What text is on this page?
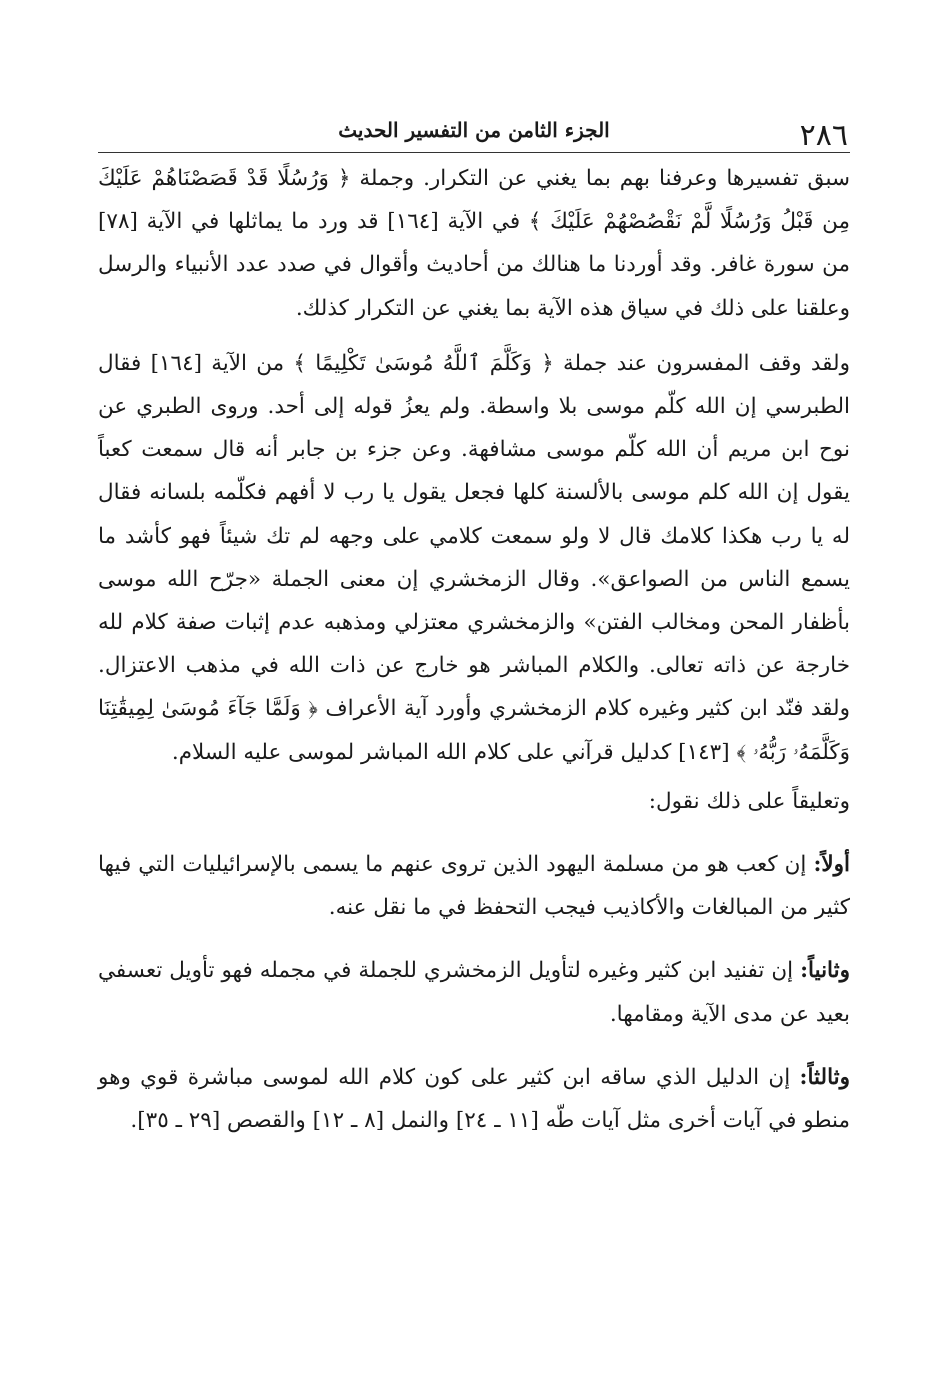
٢٨٦
الجزء الثامن من التفسير الحديث

سبق تفسيرها وعرفنا بهم بما يغني عن التكرار. وجملة ﴿ وَرُسُلًا قَدْ قَصَصْنَاهُمْ عَلَيْكَ مِن قَبْلُ وَرُسُلًا لَّمْ نَقْصُصْهُمْ عَلَيْكَ ﴾ في الآية [١٦٤] قد ورد ما يماثلها في الآية [٧٨] من سورة غافر. وقد أوردنا ما هنالك من أحاديث وأقوال في صدد عدد الأنبياء والرسل وعلقنا على ذلك في سياق هذه الآية بما يغني عن التكرار كذلك.

ولقد وقف المفسرون عند جملة ﴿ وَكَلَّمَ ٱللَّهُ مُوسَىٰ تَكْلِيمًا ﴾ من الآية [١٦٤] فقال الطبرسي إن الله كلّم موسى بلا واسطة. ولم يعزُ قوله إلى أحد. وروى الطبري عن نوح ابن مريم أن الله كلّم موسى مشافهة. وعن جزء بن جابر أنه قال سمعت كعباً يقول إن الله كلم موسى بالألسنة كلها فجعل يقول يا رب لا أفهم فكلّمه بلسانه فقال له يا رب هكذا كلامك قال لا ولو سمعت كلامي على وجهه لم تك شيئاً فهو كأشد ما يسمع الناس من الصواعق». وقال الزمخشري إن معنى الجملة «جرّح الله موسى بأظفار المحن ومخالب الفتن» والزمخشري معتزلي ومذهبه عدم إثبات صفة كلام لله خارجة عن ذاته تعالى. والكلام المباشر هو خارج عن ذات الله في مذهب الاعتزال. ولقد فنّد ابن كثير وغيره كلام الزمخشري وأورد آية الأعراف ﴿ وَلَمَّا جَآءَ مُوسَىٰ لِمِيقَٰتِنَا وَكَلَّمَهُۥ رَبُّهُۥ ﴾ [١٤٣] كدليل قرآني على كلام الله المباشر لموسى عليه السلام.

وتعليقاً على ذلك نقول:

أولاً: إن كعب هو من مسلمة اليهود الذين تروى عنهم ما يسمى بالإسرائيليات التي فيها كثير من المبالغات والأكاذيب فيجب التحفظ في ما نقل عنه.

وثانياً: إن تفنيد ابن كثير وغيره لتأويل الزمخشري للجملة في مجمله فهو تأويل تعسفي بعيد عن مدى الآية ومقامها.

وثالثاً: إن الدليل الذي ساقه ابن كثير على كون كلام الله لموسى مباشرة قوي وهو منطو في آيات أخرى مثل آيات طّه [١١ ـ ٢٤] والنمل [٨ ـ ١٢] والقصص [٢٩ ـ ٣٥].
